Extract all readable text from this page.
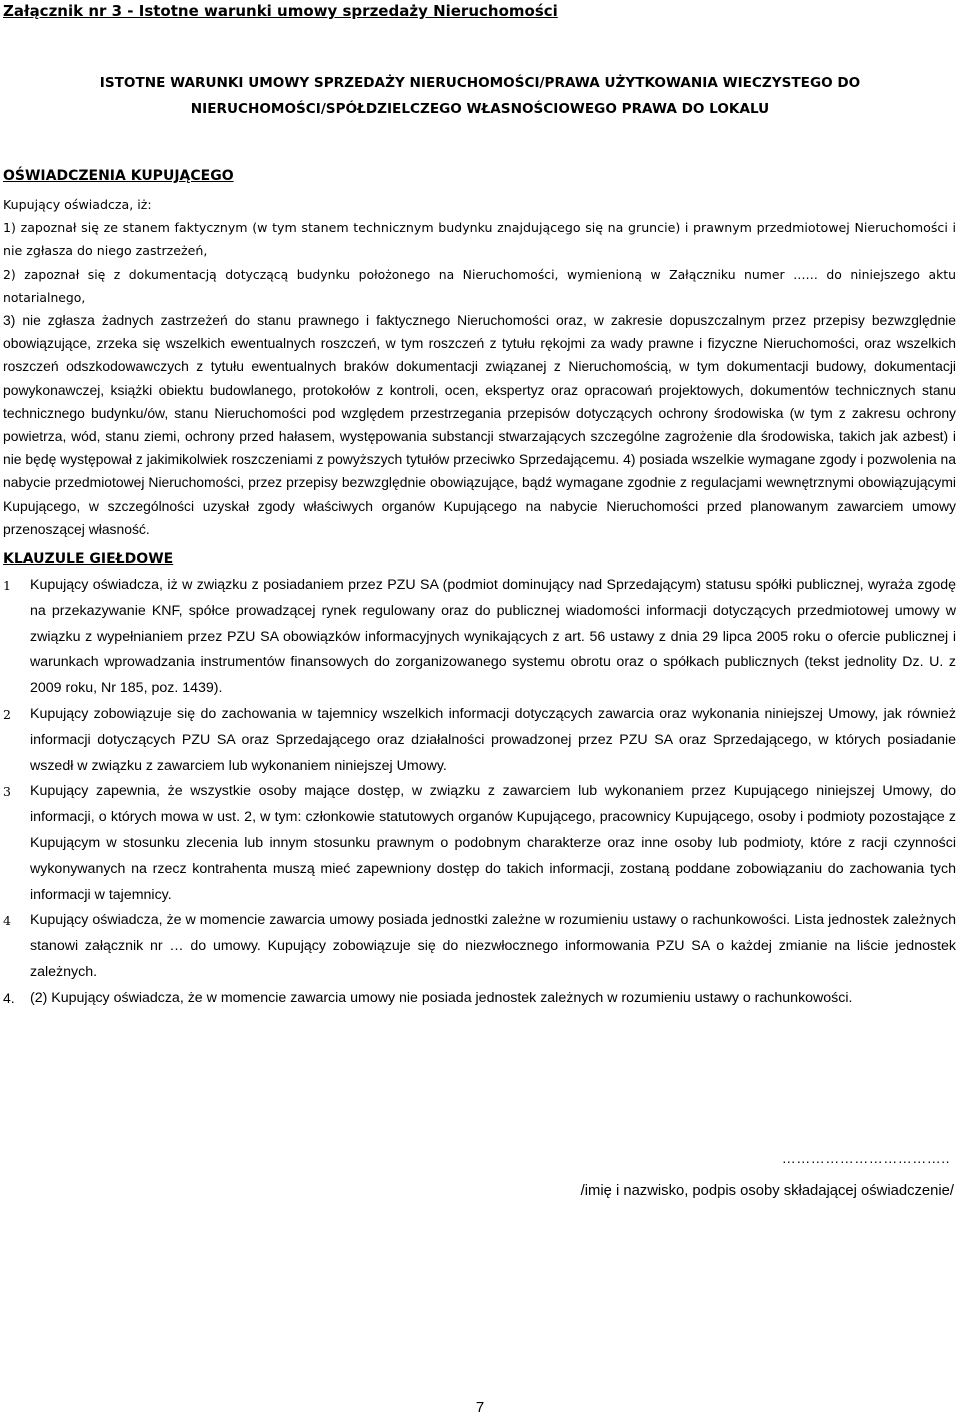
Załącznik nr 3 - Istotne warunki umowy sprzedaży Nieruchomości
ISTOTNE WARUNKI UMOWY SPRZEDAŻY NIERUCHOMOŚCI/PRAWA UŻYTKOWANIA WIECZYSTEGO DO
NIERUCHOMOŚCI/SPÓŁDZIELCZEGO WŁASNOŚCIOWEGO PRAWA DO LOKALU
OŚWIADCZENIA KUPUJĄCEGO

Kupujący oświadcza, iż:

1) zapoznał się ze stanem faktycznym (w tym stanem technicznym budynku znajdującego się na gruncie) i prawnym przedmiotowej Nieruchomości i nie zgłasza do niego zastrzeżeń,

2) zapoznał się z dokumentacją dotyczącą budynku położonego na Nieruchomości, wymienioną w Załączniku numer …… do niniejszego aktu notarialnego,

3) nie zgłasza żadnych zastrzeżeń do stanu prawnego i faktycznego Nieruchomości oraz, w zakresie dopuszczalnym przez przepisy bezwzględnie obowiązujące, zrzeka się wszelkich ewentualnych roszczeń, w tym roszczeń z tytułu rękojmi za wady prawne i fizyczne Nieruchomości, oraz wszelkich roszczeń odszkodowawczych z tytułu ewentualnych braków dokumentacji związanej z Nieruchomością, w tym dokumentacji budowy, dokumentacji powykonawczej, książki obiektu budowlanego, protokołów z kontroli, ocen, ekspertyz oraz opracowań projektowych, dokumentów technicznych stanu technicznego budynku/ów, stanu Nieruchomości pod względem przestrzegania przepisów dotyczących ochrony środowiska (w tym z zakresu ochrony powietrza, wód, stanu ziemi, ochrony przed hałasem, występowania substancji stwarzających szczególne zagrożenie dla środowiska, takich jak azbest) i nie będę występował z jakimikolwiek roszczeniami z powyższych tytułów przeciwko Sprzedającemu. 4) posiada wszelkie wymagane zgody i pozwolenia na nabycie przedmiotowej Nieruchomości, przez przepisy bezwzględnie obowiązujące, bądź wymagane zgodnie z regulacjami wewnętrznymi obowiązującymi Kupującego, w szczególności uzyskał zgody właściwych organów Kupującego na nabycie Nieruchomości przed planowanym zawarciem umowy przenoszącej własność.

KLAUZULE GIEŁDOWE
1	Kupujący oświadcza, iż w związku z posiadaniem przez PZU SA (podmiot dominujący nad Sprzedającym) statusu spółki publicznej, wyraża zgodę na przekazywanie KNF, spółce prowadzącej rynek regulowany oraz do publicznej wiadomości informacji dotyczących przedmiotowej umowy w związku z wypełnianiem przez PZU SA obowiązków informacyjnych wynikających z art. 56 ustawy z dnia 29 lipca 2005 roku o ofercie publicznej i warunkach wprowadzania instrumentów finansowych do zorganizowanego systemu obrotu oraz o spółkach publicznych (tekst jednolity Dz. U. z 2009 roku, Nr 185, poz. 1439).
2	Kupujący zobowiązuje się do zachowania w tajemnicy wszelkich informacji dotyczących zawarcia oraz wykonania niniejszej Umowy, jak również informacji dotyczących PZU SA oraz Sprzedającego oraz działalności prowadzonej przez PZU SA oraz Sprzedającego, w których posiadanie wszedł w związku z zawarciem lub wykonaniem niniejszej Umowy.
3	Kupujący zapewnia, że wszystkie osoby mające dostęp, w związku z zawarciem lub wykonaniem przez Kupującego niniejszej Umowy, do informacji, o których mowa w ust. 2, w tym: członkowie statutowych organów Kupującego, pracownicy Kupującego, osoby i podmioty pozostające z Kupującym w stosunku zlecenia lub innym stosunku prawnym o podobnym charakterze oraz inne osoby lub podmioty, które z racji czynności wykonywanych na rzecz kontrahenta muszą mieć zapewniony dostęp do takich informacji, zostaną poddane zobowiązaniu do zachowania tych informacji w tajemnicy.
4	Kupujący oświadcza, że w momencie zawarcia umowy posiada jednostki zależne w rozumieniu ustawy o rachunkowości. Lista jednostek zależnych stanowi załącznik nr … do umowy. Kupujący zobowiązuje się do niezwłocznego informowania PZU SA o każdej zmianie na liście jednostek zależnych.
4.	(2) Kupujący oświadcza, że w momencie zawarcia umowy nie posiada jednostek zależnych w rozumieniu ustawy o rachunkowości.
……………………………..
/imię i nazwisko, podpis osoby składającej oświadczenie/
7
